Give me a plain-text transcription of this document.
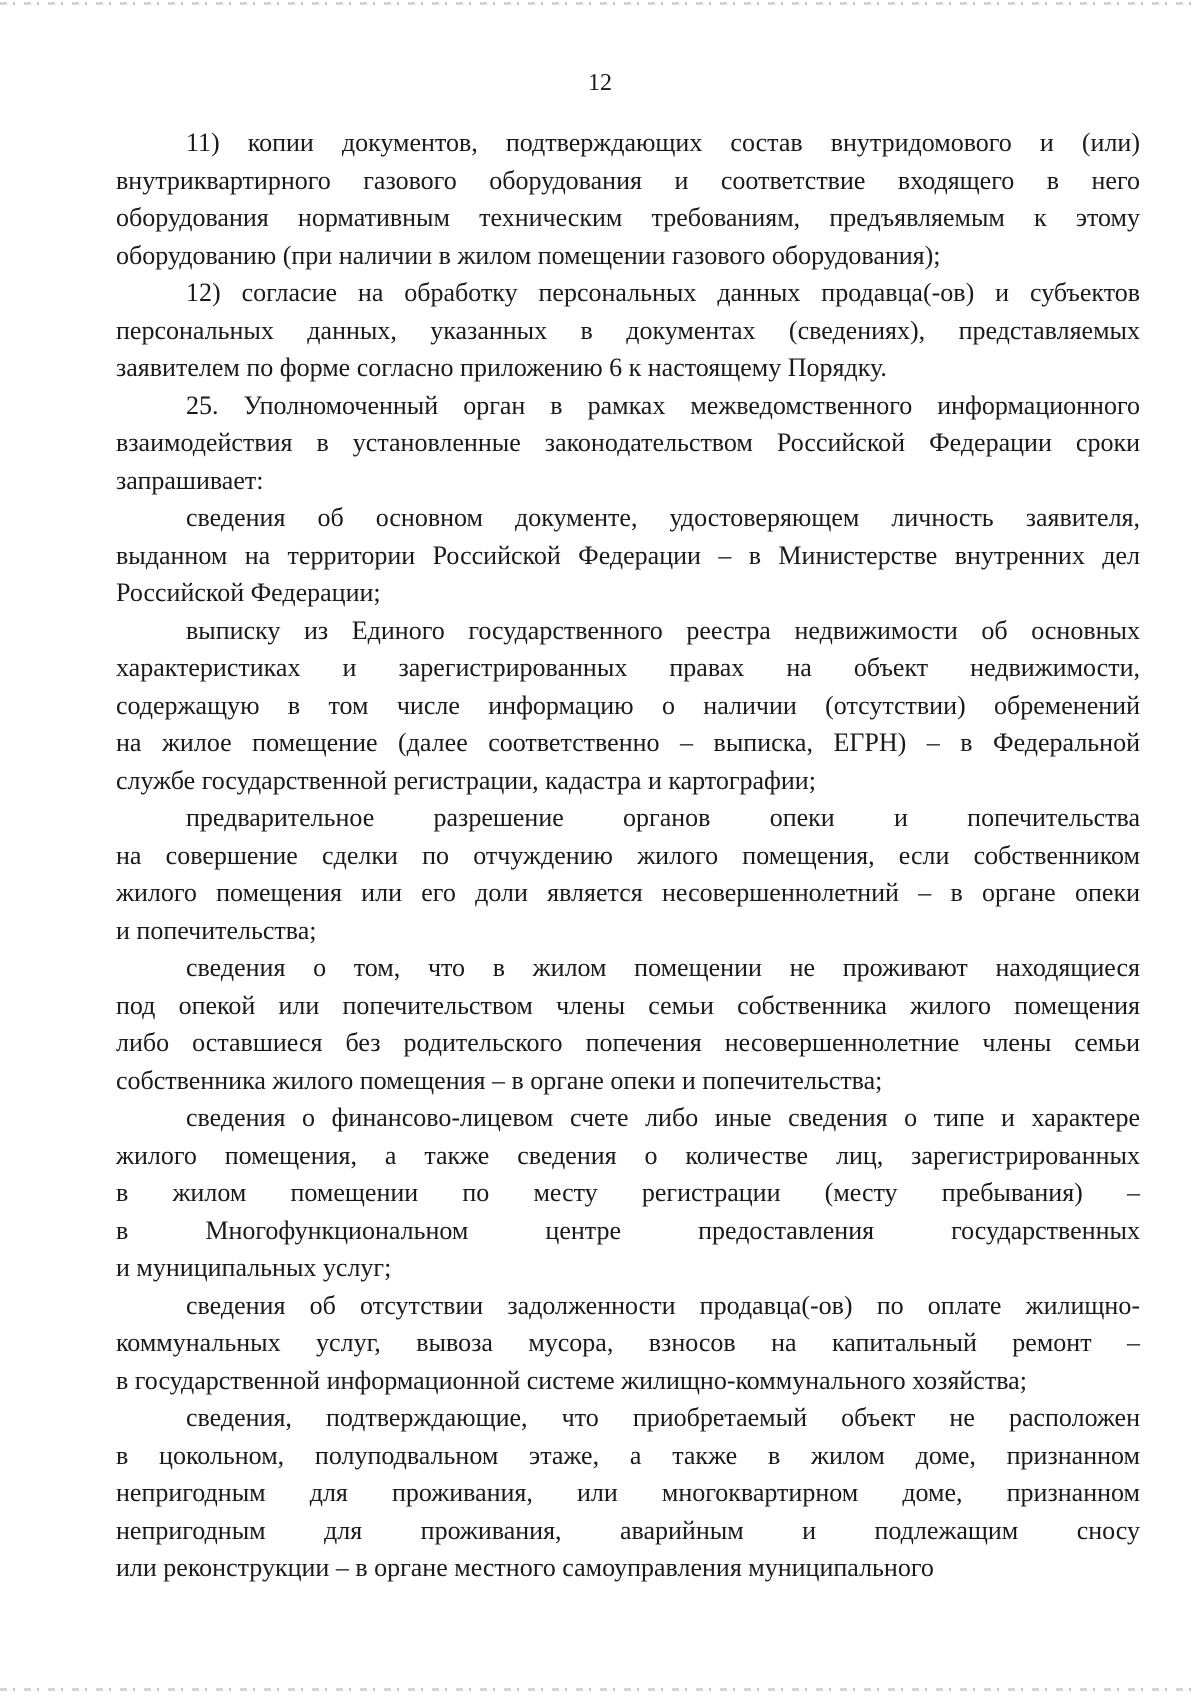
12
11) копии документов, подтверждающих состав внутридомового и (или)
внутриквартирного газового оборудования и соответствие входящего в него
оборудования нормативным техническим требованиям, предъявляемым к этому
оборудованию (при наличии в жилом помещении газового оборудования);
12) согласие на обработку персональных данных продавца(-ов) и субъектов
персональных данных, указанных в документах (сведениях), представляемых
заявителем по форме согласно приложению 6 к настоящему Порядку.
25. Уполномоченный орган в рамках межведомственного информационного
взаимодействия в установленные законодательством Российской Федерации сроки
запрашивает:
сведения об основном документе, удостоверяющем личность заявителя,
выданном на территории Российской Федерации – в Министерстве внутренних дел
Российской Федерации;
выписку из Единого государственного реестра недвижимости об основных
характеристиках и зарегистрированных правах на объект недвижимости,
содержащую в том числе информацию о наличии (отсутствии) обременений
на жилое помещение (далее соответственно – выписка, ЕГРН) – в Федеральной
службе государственной регистрации, кадастра и картографии;
предварительное разрешение органов опеки и попечительства
на совершение сделки по отчуждению жилого помещения, если собственником
жилого помещения или его доли является несовершеннолетний – в органе опеки
и попечительства;
сведения о том, что в жилом помещении не проживают находящиеся
под опекой или попечительством члены семьи собственника жилого помещения
либо оставшиеся без родительского попечения несовершеннолетние члены семьи
собственника жилого помещения – в органе опеки и попечительства;
сведения о финансово-лицевом счете либо иные сведения о типе и характере
жилого помещения, а также сведения о количестве лиц, зарегистрированных
в жилом помещении по месту регистрации (месту пребывания) –
в Многофункциональном центре предоставления государственных
и муниципальных услуг;
сведения об отсутствии задолженности продавца(-ов) по оплате жилищно-
коммунальных услуг, вывоза мусора, взносов на капитальный ремонт –
в государственной информационной системе жилищно-коммунального хозяйства;
сведения, подтверждающие, что приобретаемый объект не расположен
в цокольном, полуподвальном этаже, а также в жилом доме, признанном
непригодным для проживания, или многоквартирном доме, признанном
непригодным для проживания, аварийным и подлежащим сносу
или реконструкции – в органе местного самоуправления муниципального
